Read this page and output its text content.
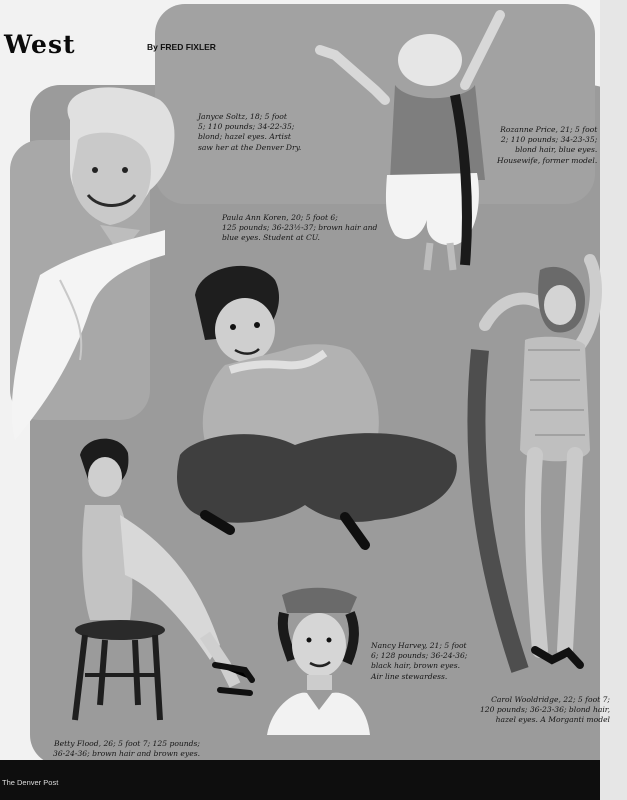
West	By FRED FIXLER
Janyce Soltz, 18; 5 foot
5; 110 pounds; 34-22-35;
blond; hazel eyes. Artist
saw her at the Denver Dry.
Rozanne Price, 21; 5 foot
2; 110 pounds; 34-23-35;
blond hair, blue eyes.
Housewife, former model.
Paula Ann Koren, 20; 5 foot 6;
125 pounds; 36-23½-37; brown hair and
blue eyes. Student at CU.
Nancy Harvey, 21; 5 foot
6; 128 pounds; 36-24-36;
black hair, brown eyes.
Air line stewardess.
Carol Wooldridge, 22; 5 foot 7;
120 pounds; 36-23-36; blond hair,
hazel eyes. A Morganti model
Betty Flood, 26; 5 foot 7; 125 pounds;
36-24-36; brown hair and brown eyes.
The Denver Post
